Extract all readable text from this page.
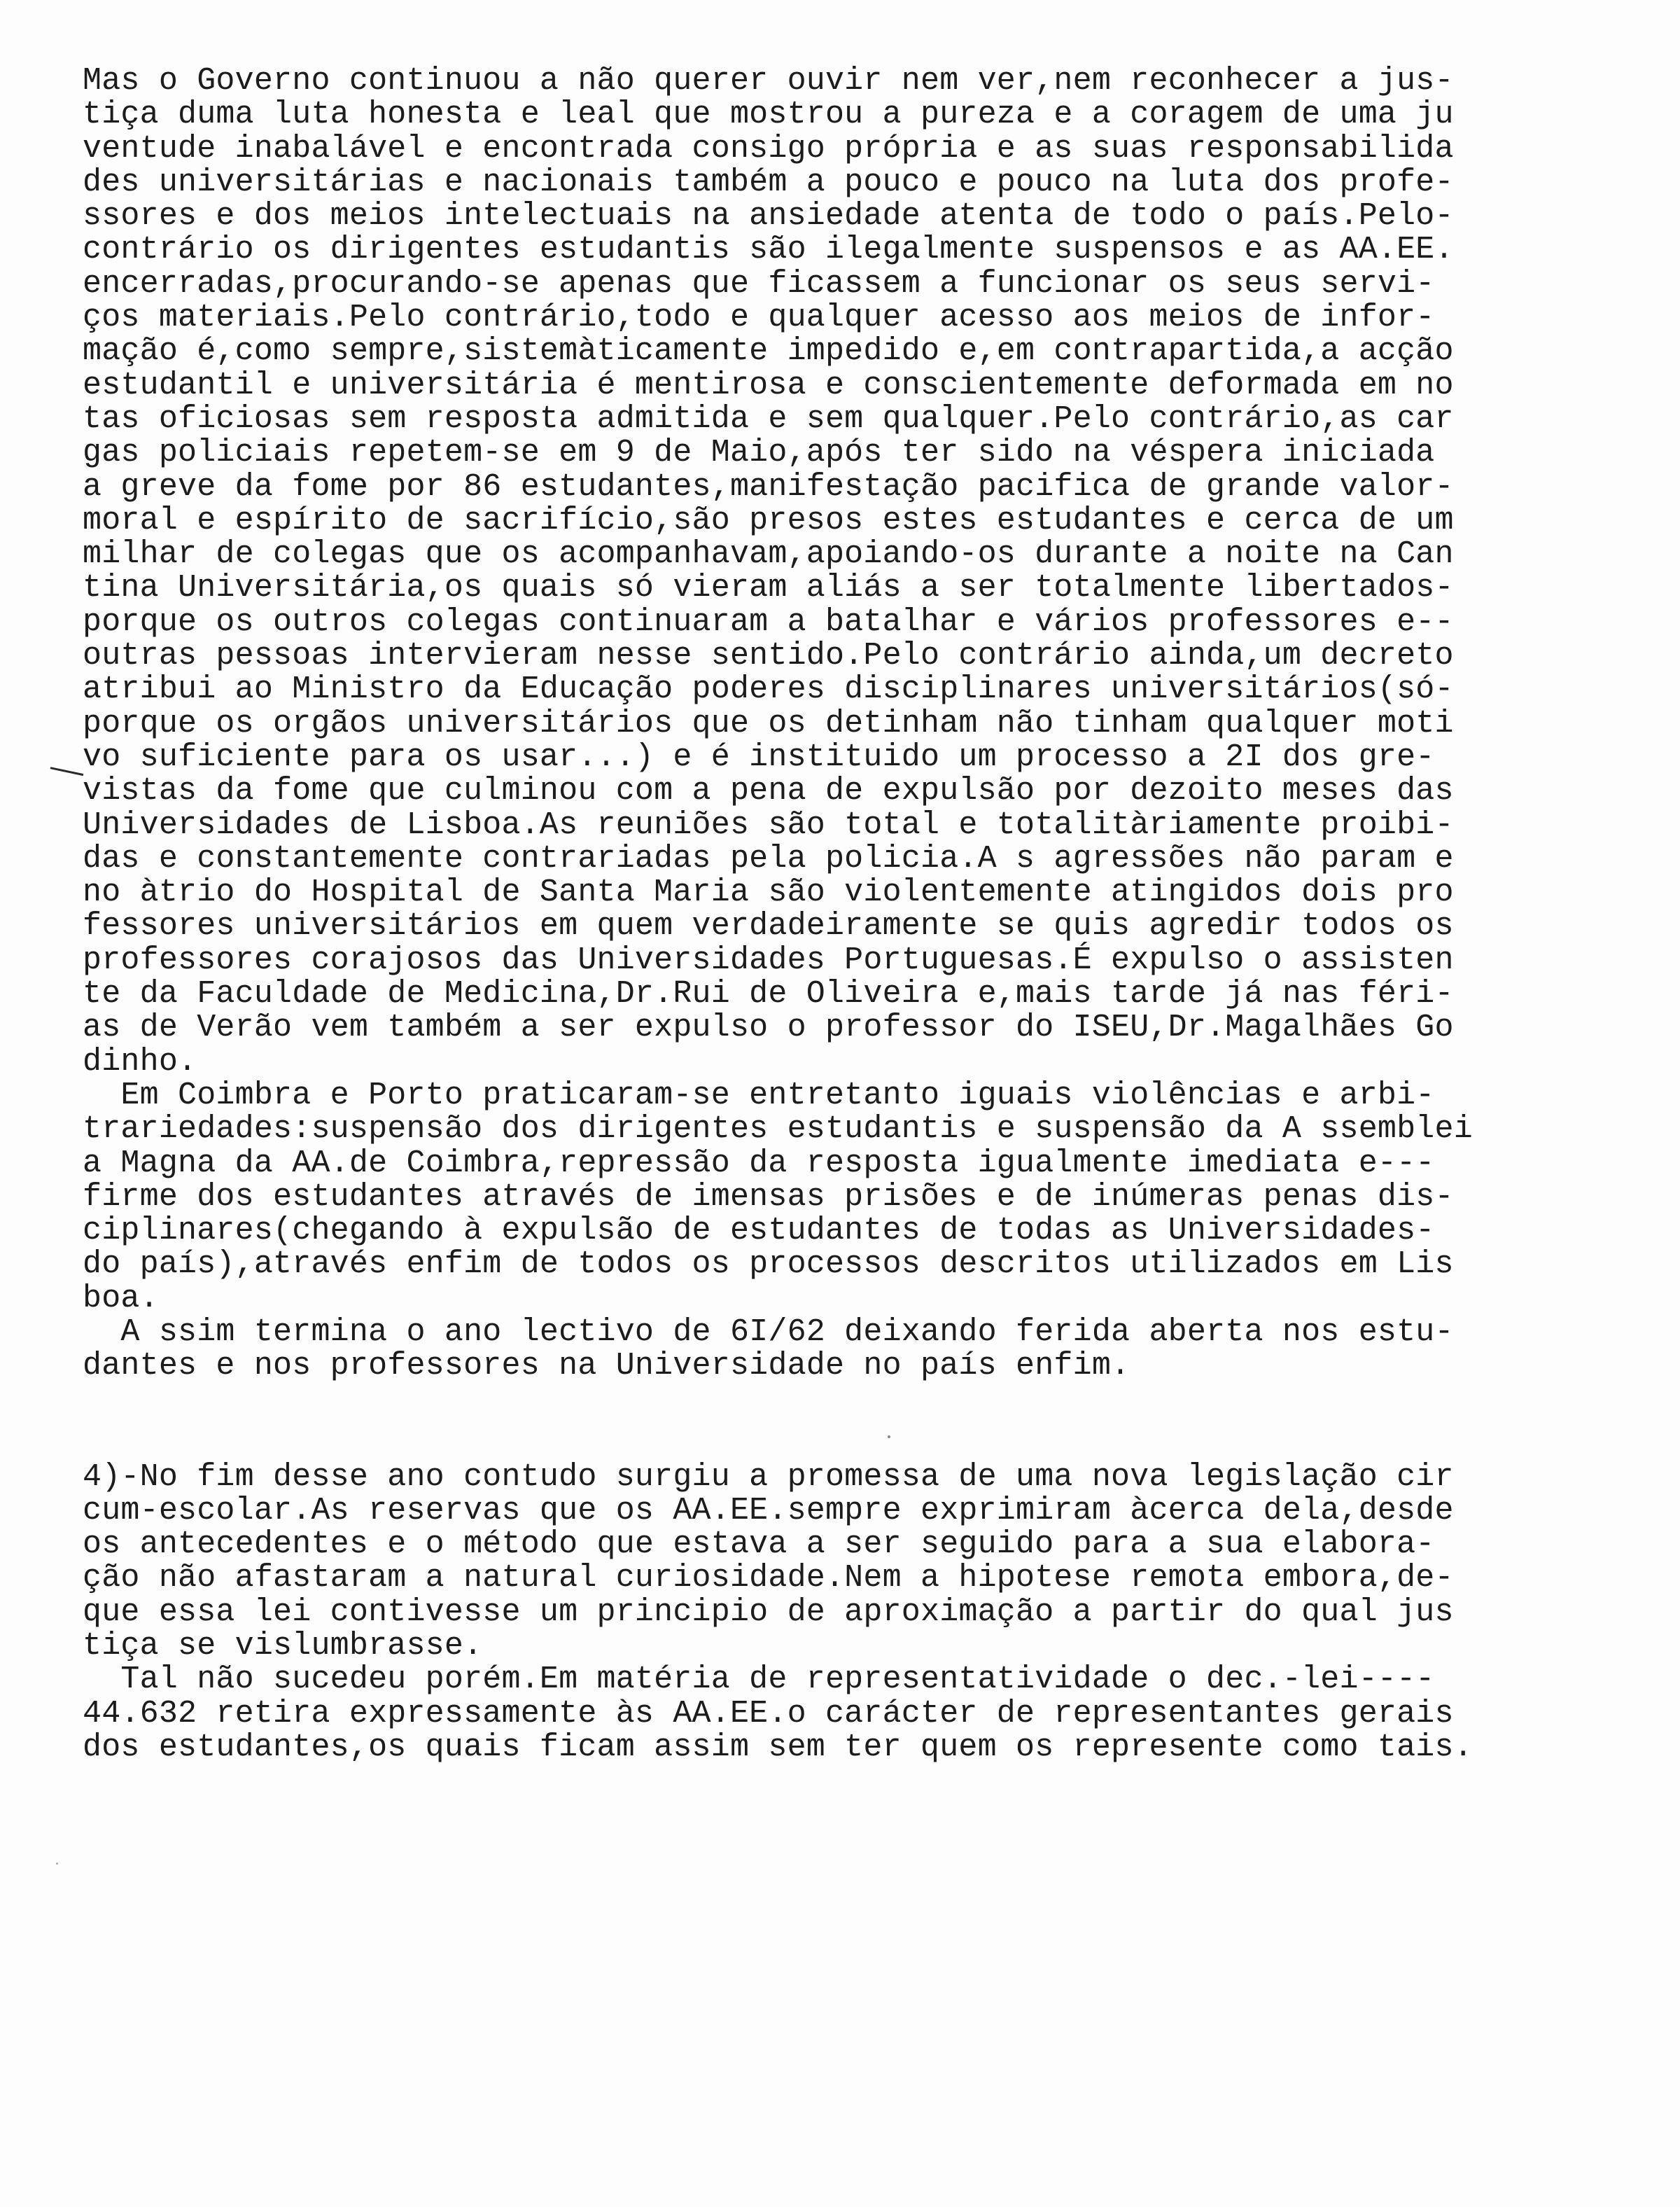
Mas o Governo continuou a não querer ouvir nem ver,nem reconhecer a jus-
tiça duma luta honesta e leal que mostrou a pureza e a coragem de uma ju
ventude inabalável e encontrada consigo própria e as suas responsabilida
des universitárias e nacionais também a pouco e pouco na luta dos profe-
ssores e dos meios intelectuais na ansiedade atenta de todo o país.Pelo-
contrário os dirigentes estudantis são ilegalmente suspensos e as AA.EE.
encerradas,procurando-se apenas que ficassem a funcionar os seus servi-
ços materiais.Pelo contrário,todo e qualquer acesso aos meios de infor-
mação é,como sempre,sistemàticamente impedido e,em contrapartida,a acção
estudantil e universitária é mentirosa e conscientemente deformada em no
tas oficiosas sem resposta admitida e sem qualquer.Pelo contrário,as car
gas policiais repetem-se em 9 de Maio,após ter sido na véspera iniciada
a greve da fome por 86 estudantes,manifestação pacifica de grande valor-
moral e espírito de sacrifício,são presos estes estudantes e cerca de um
milhar de colegas que os acompanhavam,apoiando-os durante a noite na Can
tina Universitária,os quais só vieram aliás a ser totalmente libertados-
porque os outros colegas continuaram a batalhar e vários professores e--
outras pessoas intervieram nesse sentido.Pelo contrário ainda,um decreto
atribui ao Ministro da Educação poderes disciplinares universitários(só-
porque os orgãos universitários que os detinham não tinham qualquer moti
vo suficiente para os usar...) e é instituido um processo a 2I dos gre-
vistas da fome que culminou com a pena de expulsão por dezoito meses das
Universidades de Lisboa.As reuniões são total e totalitàriamente proibi-
das e constantemente contrariadas pela policia.A s agressões não param e
no àtrio do Hospital de Santa Maria são violentemente atingidos dois pro
fessores universitários em quem verdadeiramente se quis agredir todos os
professores corajosos das Universidades Portuguesas.É expulso o assisten
te da Faculdade de Medicina,Dr.Rui de Oliveira e,mais tarde já nas féri-
as de Verão vem também a ser expulso o professor do ISEU,Dr.Magalhães Go
dinho.
Em Coimbra e Porto praticaram-se entretanto iguais violências e arbi-
trariedades:suspensão dos dirigentes estudantis e suspensão da A ssemblei
a Magna da AA.de Coimbra,repressão da resposta igualmente imediata e---
firme dos estudantes através de imensas prisões e de inúmeras penas dis-
ciplinares(chegando à expulsão de estudantes de todas as Universidades-
do país),através enfim de todos os processos descritos utilizados em Lis
boa.
A ssim termina o ano lectivo de 6I/62 deixando ferida aberta nos estu-
dantes e nos professores na Universidade no país enfim.
4)-No fim desse ano contudo surgiu a promessa de uma nova legislação cir
cum-escolar.As reservas que os AA.EE.sempre exprimiram àcerca dela,desde
os antecedentes e o método que estava a ser seguido para a sua elabora-
ção não afastaram a natural curiosidade.Nem a hipotese remota embora,de-
que essa lei contivesse um principio de aproximação a partir do qual jus
tiça se vislumbrasse.
Tal não sucedeu porém.Em matéria de representatividade o dec.-lei----
44.632 retira expressamente às AA.EE.o carácter de representantes gerais
dos estudantes,os quais ficam assim sem ter quem os represente como tais.
